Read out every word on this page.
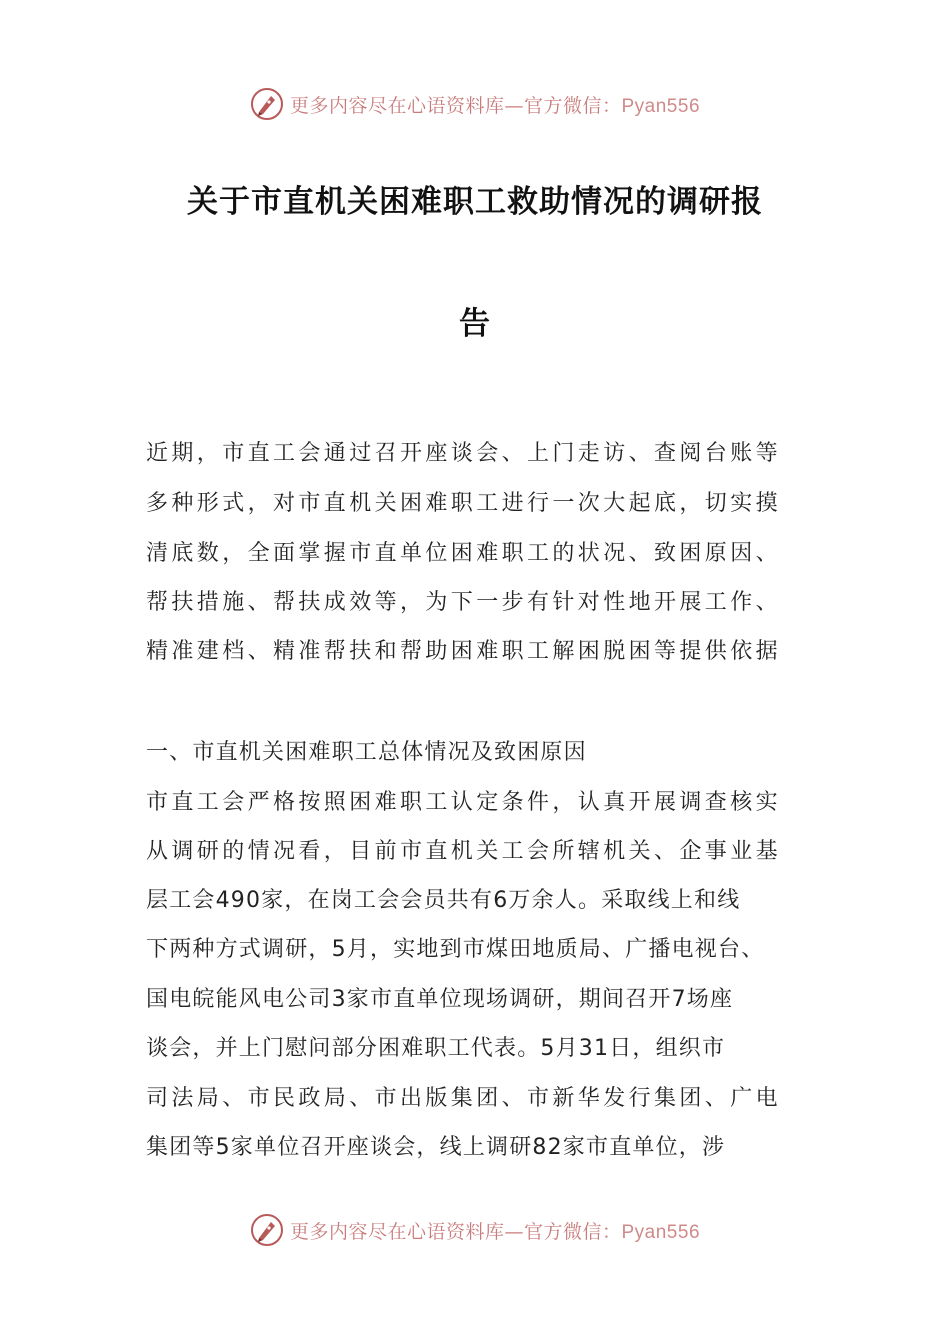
更多内容尽在心语资料库—官方微信：Pyan556
关于市直机关困难职工救助情况的调研报
告
近期，市直工会通过召开座谈会、上门走访、查阅台账等
多种形式，对市直机关困难职工进行一次大起底，切实摸
清底数，全面掌握市直单位困难职工的状况、致困原因、
帮扶措施、帮扶成效等，为下一步有针对性地开展工作、
精准建档、精准帮扶和帮助困难职工解困脱困等提供依据
一、市直机关困难职工总体情况及致困原因
市直工会严格按照困难职工认定条件，认真开展调查核实
从调研的情况看，目前市直机关工会所辖机关、企事业基
层工会490家，在岗工会会员共有6万余人。采取线上和线
下两种方式调研，5月，实地到市煤田地质局、广播电视台、
国电皖能风电公司3家市直单位现场调研，期间召开7场座
谈会，并上门慰问部分困难职工代表。5月31日，组织市
司法局、市民政局、市出版集团、市新华发行集团、广电
集团等5家单位召开座谈会，线上调研82家市直单位，涉
更多内容尽在心语资料库—官方微信：Pyan556
